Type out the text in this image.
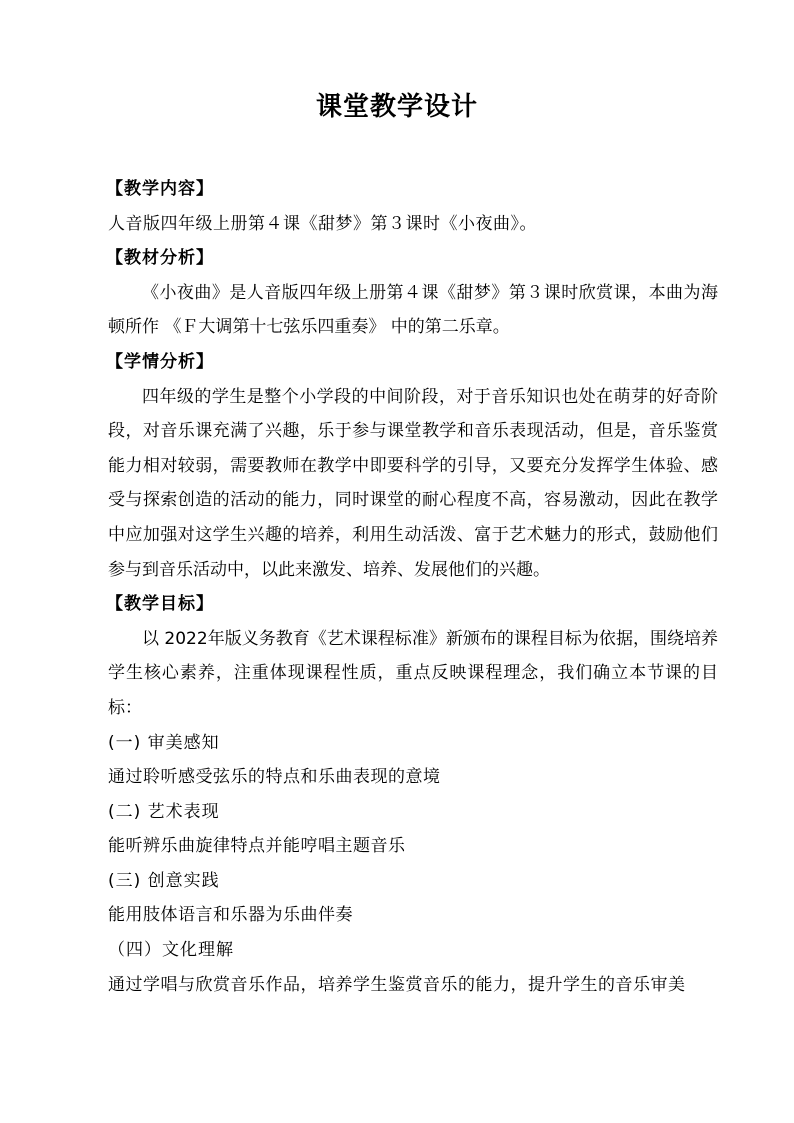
课堂教学设计

【教学内容】

人音版四年级上册第４课《甜梦》第３课时《小夜曲》。

【教材分析】

《小夜曲》是人音版四年级上册第４课《甜梦》第３课时欣赏课，本曲为海顿所作 《Ｆ大调第十七弦乐四重奏》 中的第二乐章。

【学情分析】

四年级的学生是整个小学段的中间阶段，对于音乐知识也处在萌芽的好奇阶段，对音乐课充满了兴趣，乐于参与课堂教学和音乐表现活动，但是，音乐鉴赏能力相对较弱，需要教师在教学中即要科学的引导，又要充分发挥学生体验、感受与探索创造的活动的能力，同时课堂的耐心程度不高，容易激动，因此在教学中应加强对这学生兴趣的培养，利用生动活泼、富于艺术魅力的形式，鼓励他们参与到音乐活动中，以此来激发、培养、发展他们的兴趣。

【教学目标】

以 2022年版义务教育《艺术课程标准》新颁布的课程目标为依据，围绕培养学生核心素养，注重体现课程性质，重点反映课程理念，我们确立本节课的目标：

(一) 审美感知

通过聆听感受弦乐的特点和乐曲表现的意境

(二) 艺术表现

能听辨乐曲旋律特点并能哼唱主题音乐

(三) 创意实践

能用肢体语言和乐器为乐曲伴奏

（四）文化理解

通过学唱与欣赏音乐作品，培养学生鉴赏音乐的能力，提升学生的音乐审美
